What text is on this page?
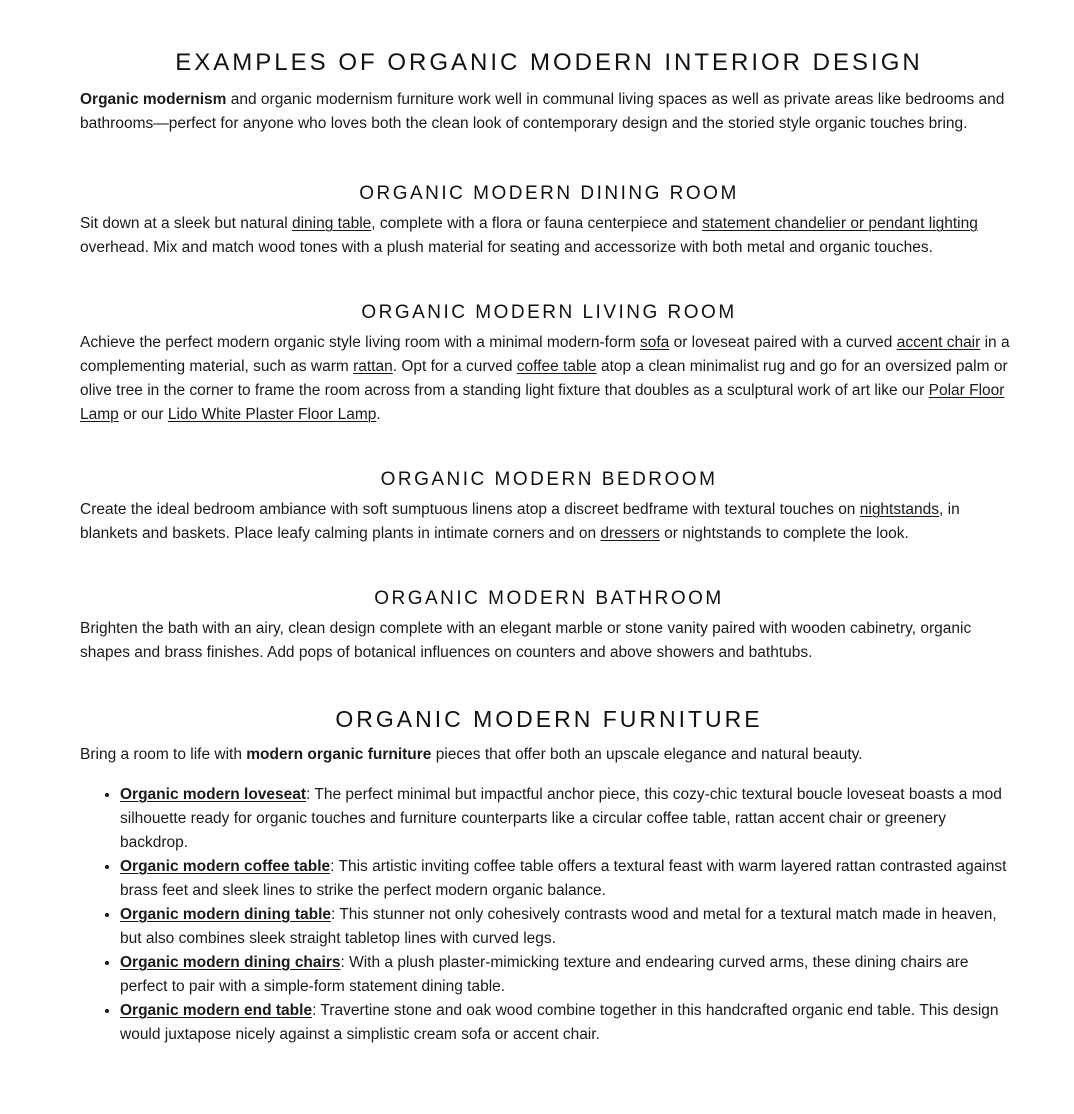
EXAMPLES OF ORGANIC MODERN INTERIOR DESIGN

Organic modernism and organic modernism furniture work well in communal living spaces as well as private areas like bedrooms and bathrooms—perfect for anyone who loves both the clean look of contemporary design and the storied style organic touches bring.

ORGANIC MODERN DINING ROOM

Sit down at a sleek but natural dining table, complete with a flora or fauna centerpiece and statement chandelier or pendant lighting overhead. Mix and match wood tones with a plush material for seating and accessorize with both metal and organic touches.

ORGANIC MODERN LIVING ROOM

Achieve the perfect modern organic style living room with a minimal modern-form sofa or loveseat paired with a curved accent chair in a complementing material, such as warm rattan. Opt for a curved coffee table atop a clean minimalist rug and go for an oversized palm or olive tree in the corner to frame the room across from a standing light fixture that doubles as a sculptural work of art like our Polar Floor Lamp or our Lido White Plaster Floor Lamp.

ORGANIC MODERN BEDROOM

Create the ideal bedroom ambiance with soft sumptuous linens atop a discreet bedframe with textural touches on nightstands, in blankets and baskets. Place leafy calming plants in intimate corners and on dressers or nightstands to complete the look.

ORGANIC MODERN BATHROOM

Brighten the bath with an airy, clean design complete with an elegant marble or stone vanity paired with wooden cabinetry, organic shapes and brass finishes. Add pops of botanical influences on counters and above showers and bathtubs.

ORGANIC MODERN FURNITURE

Bring a room to life with modern organic furniture pieces that offer both an upscale elegance and natural beauty.

• Organic modern loveseat: The perfect minimal but impactful anchor piece, this cozy-chic textural boucle loveseat boasts a mod silhouette ready for organic touches and furniture counterparts like a circular coffee table, rattan accent chair or greenery backdrop.
• Organic modern coffee table: This artistic inviting coffee table offers a textural feast with warm layered rattan contrasted against brass feet and sleek lines to strike the perfect modern organic balance.
• Organic modern dining table: This stunner not only cohesively contrasts wood and metal for a textural match made in heaven, but also combines sleek straight tabletop lines with curved legs.
• Organic modern dining chairs: With a plush plaster-mimicking texture and endearing curved arms, these dining chairs are perfect to pair with a simple-form statement dining table.
• Organic modern end table: Travertine stone and oak wood combine together in this handcrafted organic end table. This design would juxtapose nicely against a simplistic cream sofa or accent chair.
